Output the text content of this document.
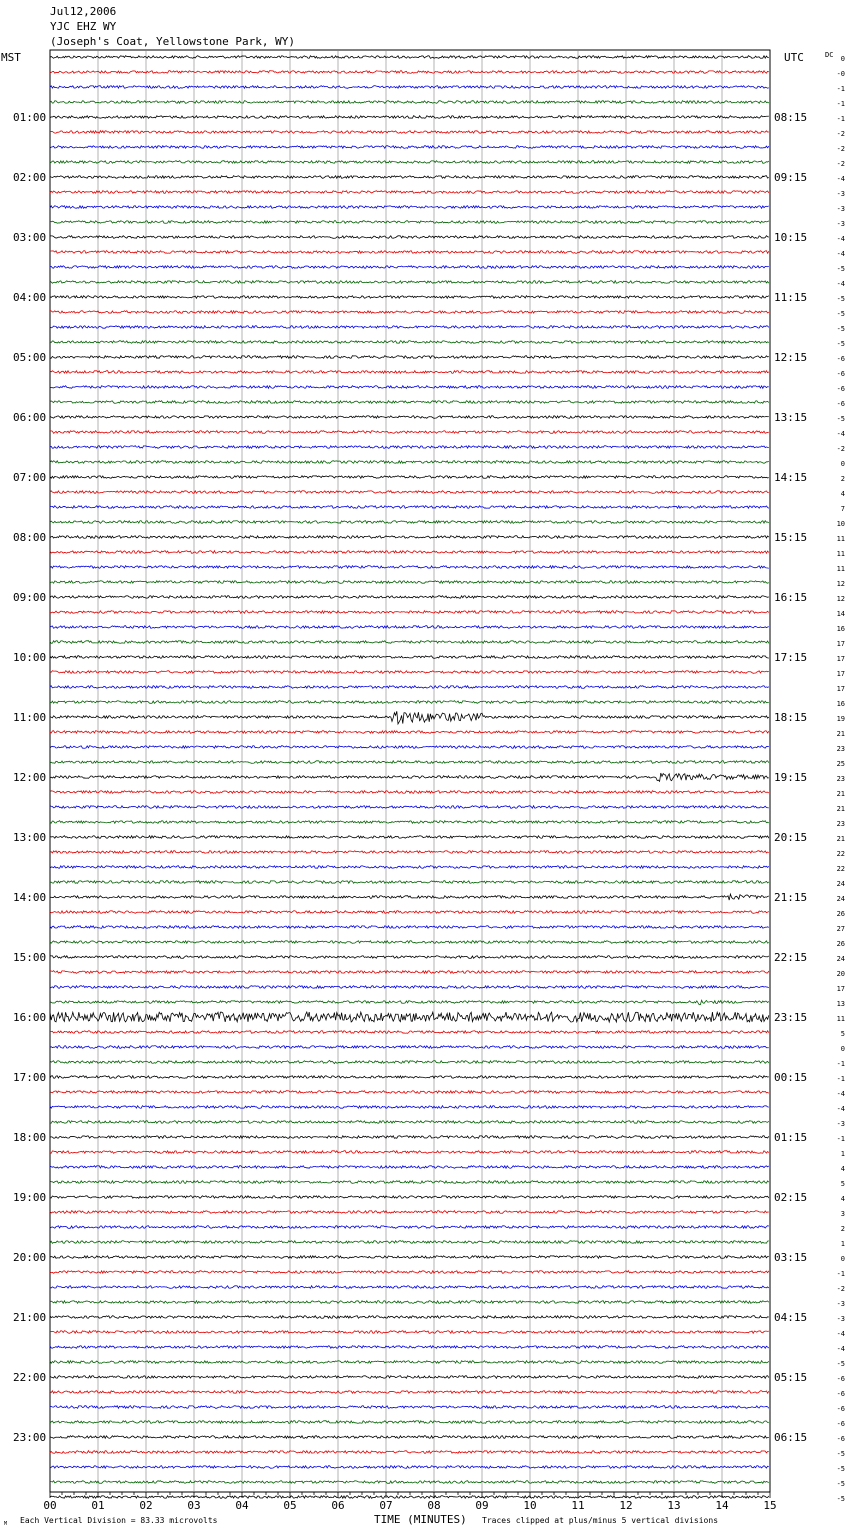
Jul12,2006
YJC EHZ WY
(Joseph's Coat, Yellowstone Park, WY)
MST	UTC	DC
01:00
02:00
03:00
04:00
05:00
06:00
07:00
08:00
09:00
10:00
11:00
12:00
13:00
14:00
15:00
16:00
17:00
18:00
19:00
20:00
21:00
22:00
23:00
08:15
09:15
10:15
11:15
12:15
13:15
14:15
15:15
16:15
17:15
18:15
19:15
20:15
21:15
22:15
23:15
00:15
01:15
02:15
03:15
04:15
05:15
06:15
0
-0
-1
-1
-1
-2
-2
-2
-4
-3
-3
-3
-4
-4
-5
-4
-5
-5
-5
-5
-6
-6
-6
-6
-5
-4
-2
0
2
4
7
10
11
11
11
12
12
14
16
17
17
17
17
16
19
21
23
25
23
21
21
23
21
22
22
24
24
26
27
26
24
20
17
13
11
5
0
-1
-1
-4
-4
-3
-1
1
4
5
4
3
2
1
0
-1
-2
-3
-3
-4
-4
-5
-6
-6
-6
-6
-6
-5
-5
-5
-5
00	01	02	03	04	05	06	07	08	09	10	11	12	13	14	15
M Each Vertical Division = 83.33 microvolts	TIME (MINUTES) Traces clipped at plus/minus 5 vertical divisions
